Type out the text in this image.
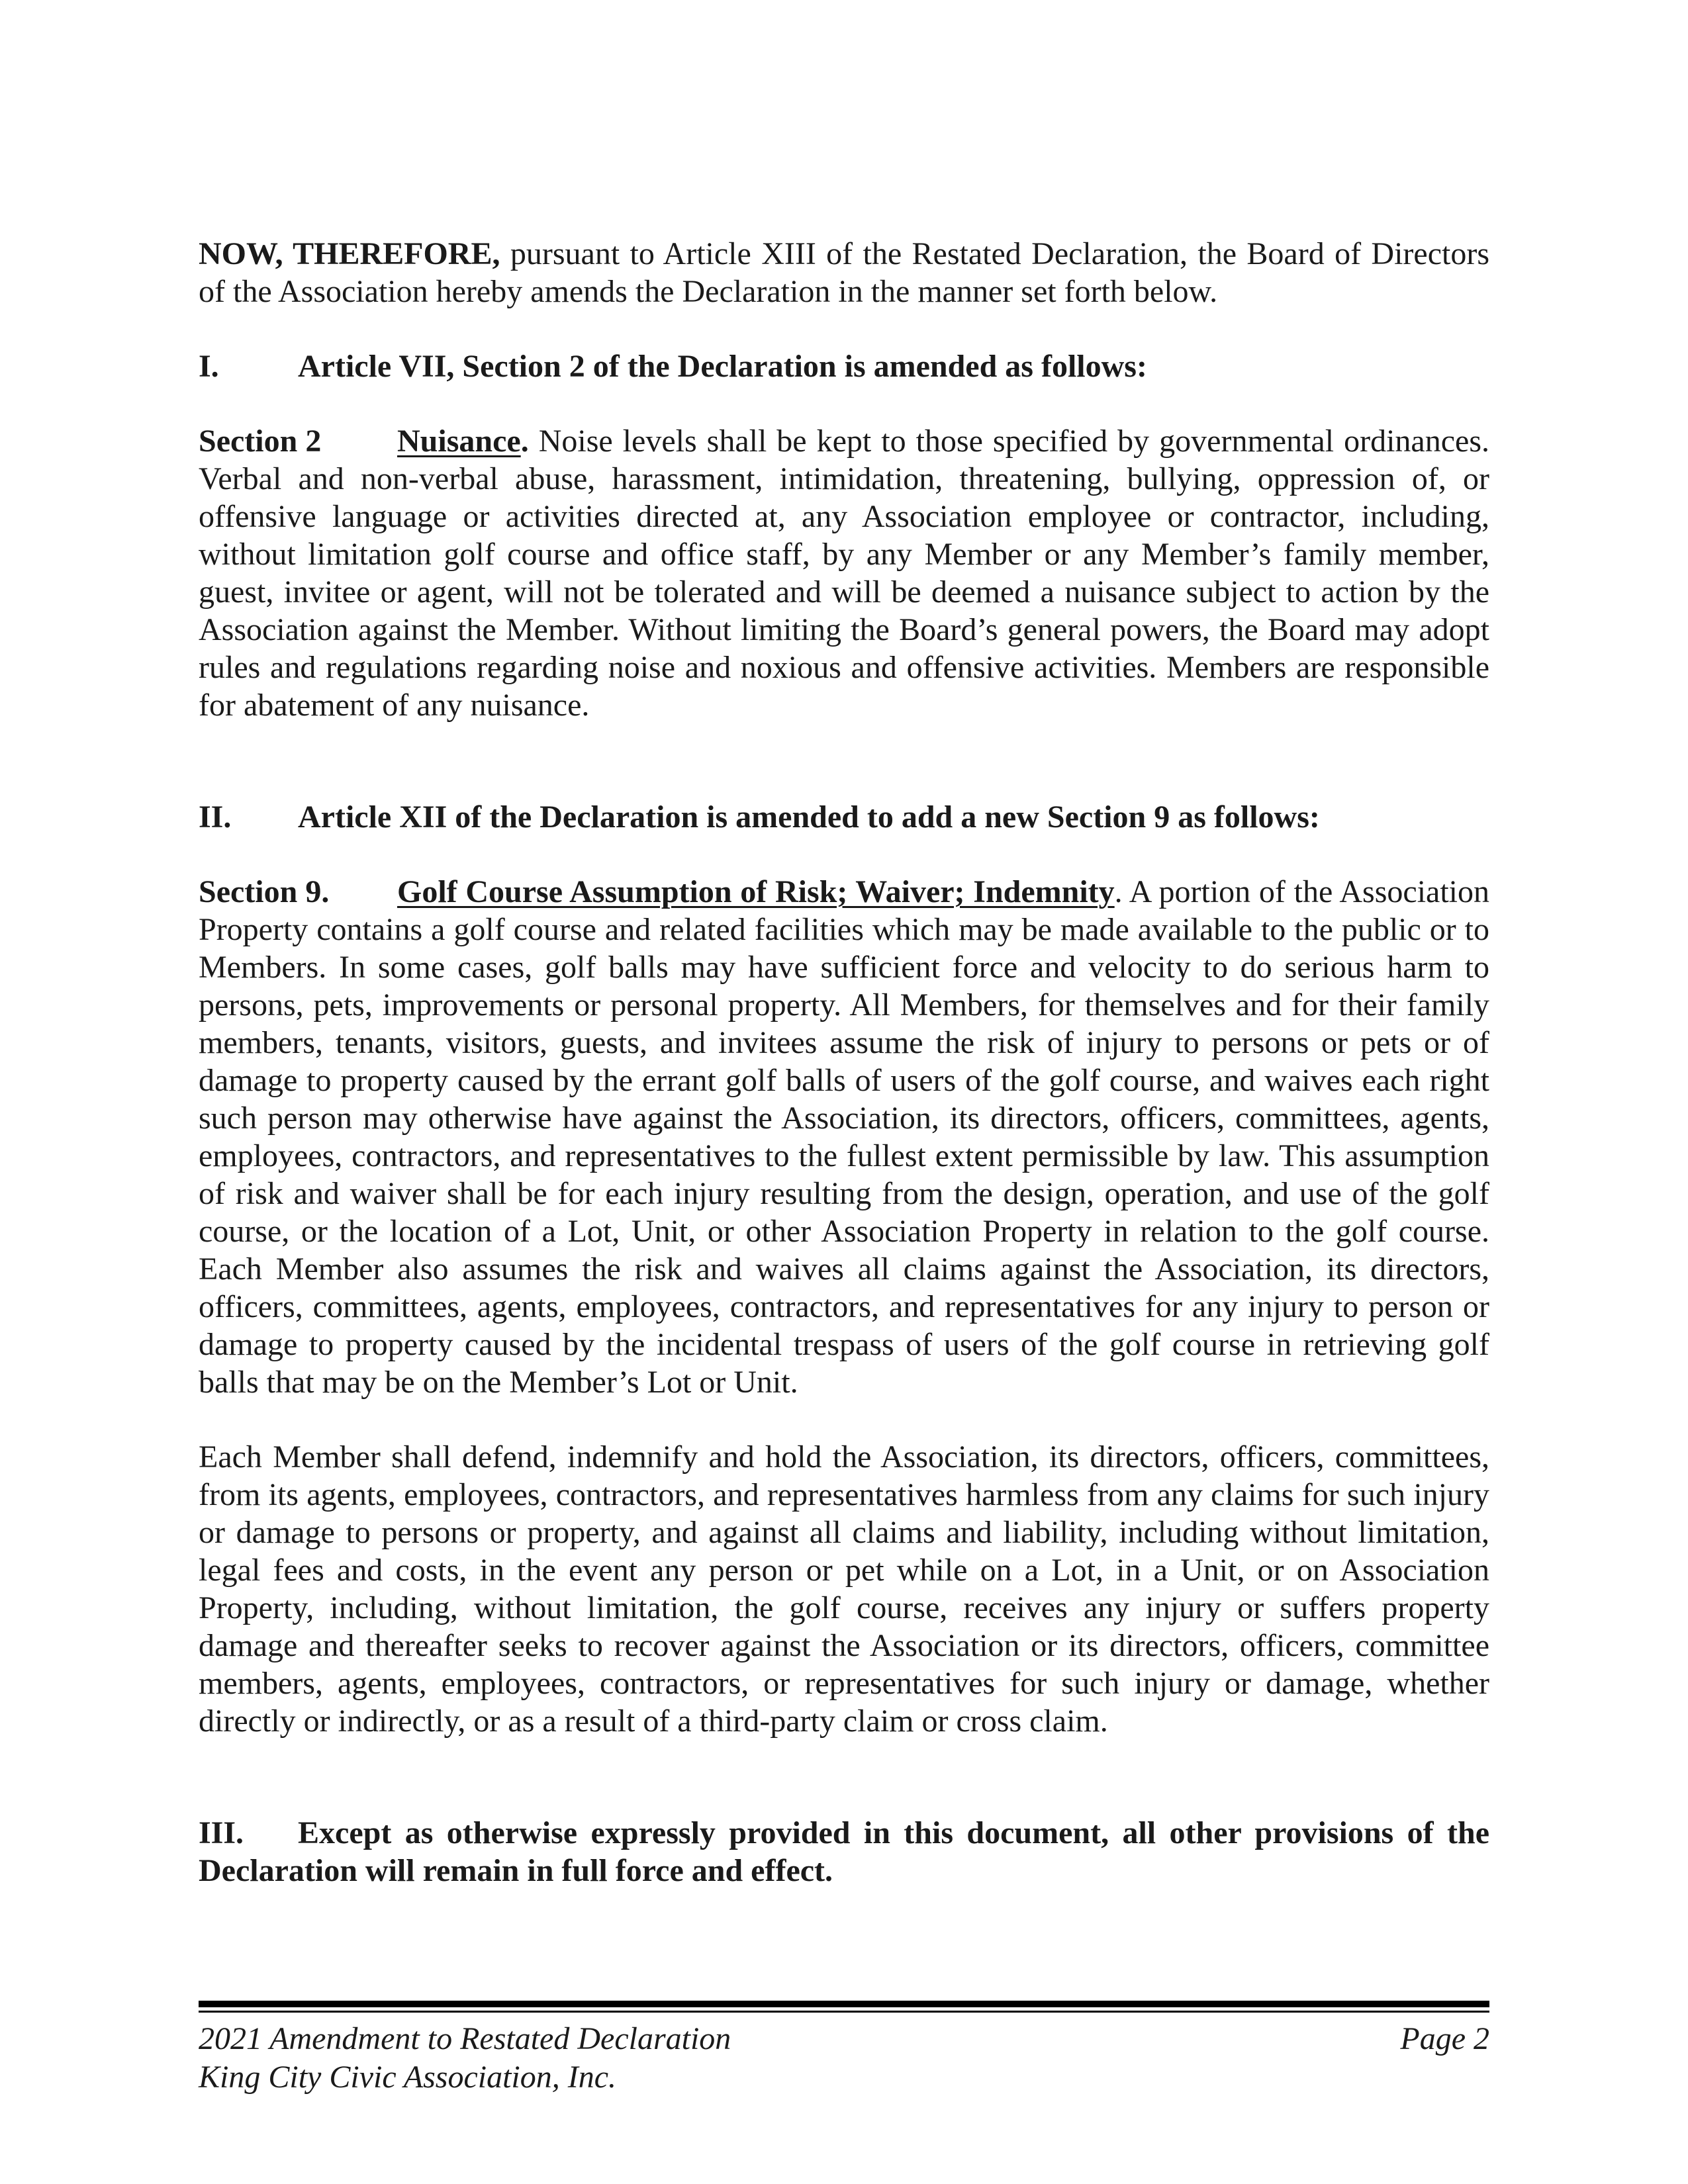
NOW, THEREFORE, pursuant to Article XIII of the Restated Declaration, the Board of Directors of the Association hereby amends the Declaration in the manner set forth below.

I.	Article VII, Section 2 of the Declaration is amended as follows:

Section 2 Nuisance. Noise levels shall be kept to those specified by governmental ordinances. Verbal and non-verbal abuse, harassment, intimidation, threatening, bullying, oppression of, or offensive language or activities directed at, any Association employee or contractor, including, without limitation golf course and office staff, by any Member or any Member’s family member, guest, invitee or agent, will not be tolerated and will be deemed a nuisance subject to action by the Association against the Member. Without limiting the Board’s general powers, the Board may adopt rules and regulations regarding noise and noxious and offensive activities. Members are responsible for abatement of any nuisance.

II.	Article XII of the Declaration is amended to add a new Section 9 as follows:

Section 9. Golf Course Assumption of Risk; Waiver; Indemnity. A portion of the Association Property contains a golf course and related facilities which may be made available to the public or to Members. In some cases, golf balls may have sufficient force and velocity to do serious harm to persons, pets, improvements or personal property. All Members, for themselves and for their family members, tenants, visitors, guests, and invitees assume the risk of injury to persons or pets or of damage to property caused by the errant golf balls of users of the golf course, and waives each right such person may otherwise have against the Association, its directors, officers, committees, agents, employees, contractors, and representatives to the fullest extent permissible by law. This assumption of risk and waiver shall be for each injury resulting from the design, operation, and use of the golf course, or the location of a Lot, Unit, or other Association Property in relation to the golf course. Each Member also assumes the risk and waives all claims against the Association, its directors, officers, committees, agents, employees, contractors, and representatives for any injury to person or damage to property caused by the incidental trespass of users of the golf course in retrieving golf balls that may be on the Member’s Lot or Unit.

Each Member shall defend, indemnify and hold the Association, its directors, officers, committees, from its agents, employees, contractors, and representatives harmless from any claims for such injury or damage to persons or property, and against all claims and liability, including without limitation, legal fees and costs, in the event any person or pet while on a Lot, in a Unit, or on Association Property, including, without limitation, the golf course, receives any injury or suffers property damage and thereafter seeks to recover against the Association or its directors, officers, committee members, agents, employees, contractors, or representatives for such injury or damage, whether directly or indirectly, or as a result of a third-party claim or cross claim.

III. Except as otherwise expressly provided in this document, all other provisions of the Declaration will remain in full force and effect.

2021 Amendment to Restated Declaration	Page 2
King City Civic Association, Inc.
